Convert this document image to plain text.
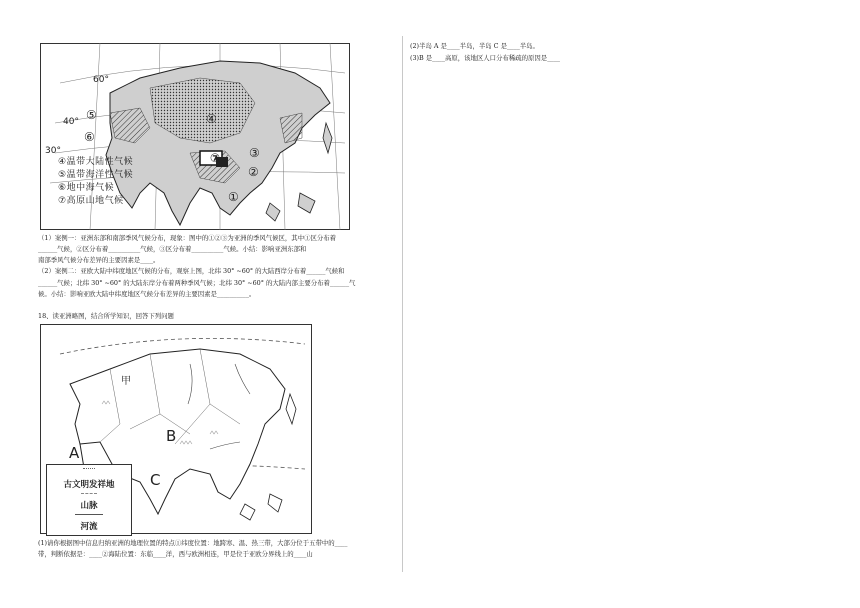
(2)半岛 A 是____半岛，半岛 C 是____半岛。
(3)B 是____高原，该地区人口分布稀疏的原因是____
60°
40°
30°
①
②
③
④
⑤
⑥
⑦
④温带大陆性气候
⑤温带海洋性气候
⑥地中海气候
⑦高原山地气候
（1）案例一：亚洲东部和南部季风气候分布，现象：图中的①②③为亚洲的季风气候区，其中①区分布着
______气候，②区分布着__________气候，③区分布着__________气候。小结：影响亚洲东部和
南部季风气候分布差异的主要因素是____。
（2）案例二：亚欧大陆中纬度地区气候的分布，观察上图，北纬 30° ~60° 的大陆西岸分布着______气候和
______气候；北纬 30° ~60° 的大陆东岸分布着两种季风气候；北纬 30° ~60° 的大陆内部主要分布着______气
候。小结：影响亚欧大陆中纬度地区气候分布差异的主要因素是__________。
18、读亚洲略图，结合所学知识，回答下列问题
甲
A
B
C
古文明发祥地
山脉
河流
(1)请你根据图中信息归纳亚洲的地理位置的特点①纬度位置：地跨寒、温、热三带，大部分位于五带中的____
带，判断依据是：____②海陆位置：东临____洋，西与欧洲相连，甲是位于亚欧分界线上的____山
